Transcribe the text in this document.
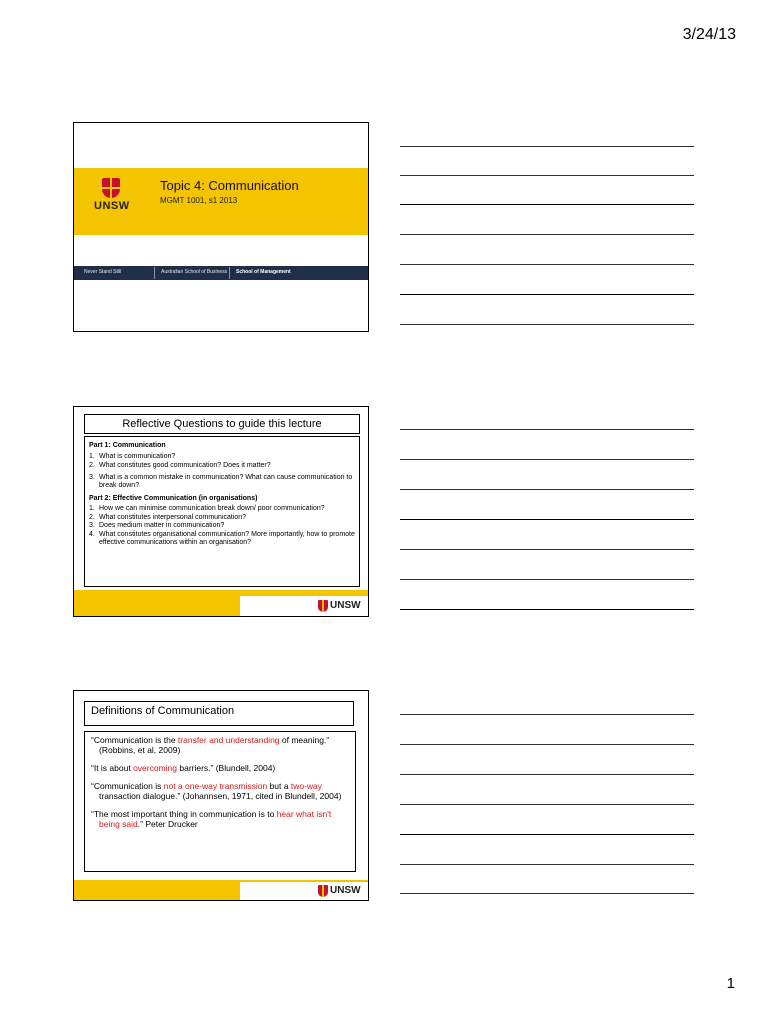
3/24/13
UNSW
Topic 4: Communication
MGMT 1001, s1 2013
Never Stand Still	Australian School of Business School of Management
Reflective Questions to guide this lecture
Part 1: Communication
1. What is communication?
2. What constitutes good communication? Does it matter?
3. What is a common mistake in communication? What can cause communication to break down?
Part 2: Effective Communication (in organisations)
1. How we can minimise communication break down/ poor communication?
2. What constitutes interpersonal communication?
3. Does medium matter in communication?
4. What constitutes organisational communication? More importantly, how to promote effective communications within an organisation?
UNSW
Definitions of Communication
“Communication is the transfer and understanding of meaning.” (Robbins, et al, 2009)
“It is about overcoming barriers.” (Blundell, 2004)
“Communication is not a one-way transmission but a two-way transaction dialogue.” (Johannsen, 1971, cited in Blundell, 2004)
“The most important thing in communication is to hear what isn't being said.” Peter Drucker
UNSW
1
